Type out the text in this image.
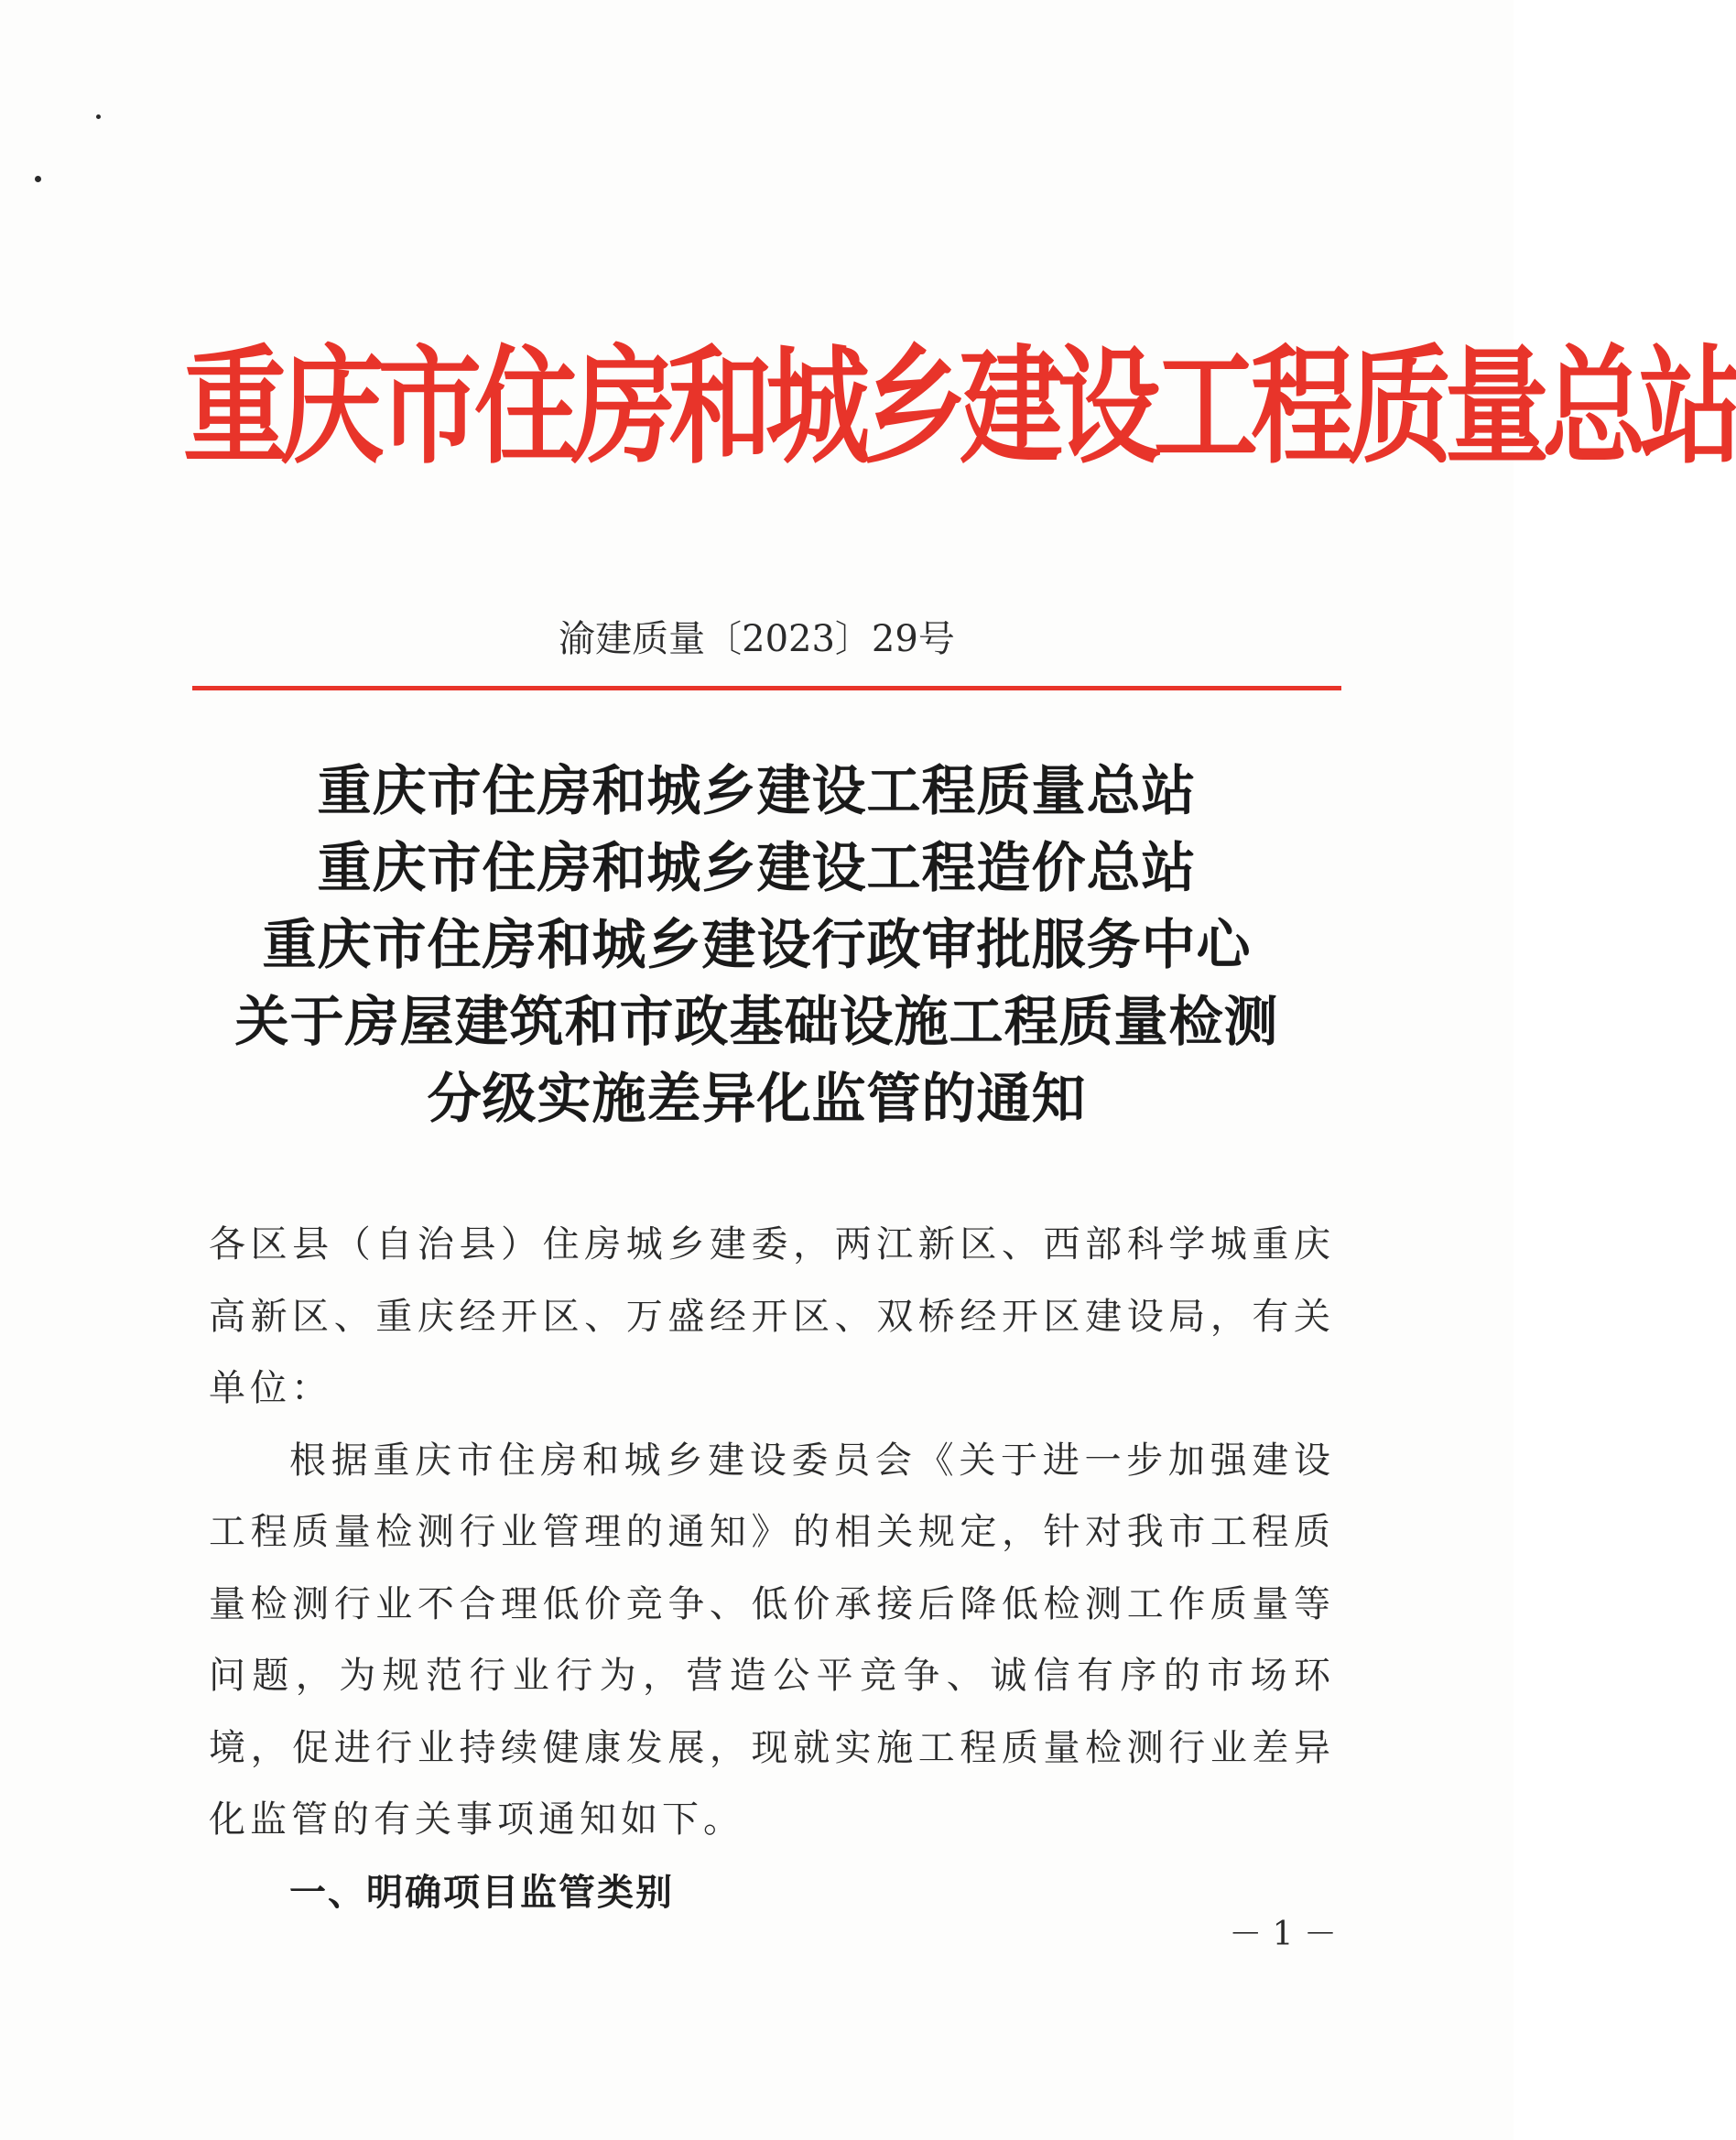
重庆市住房和城乡建设工程质量总站
渝建质量〔2023〕29号
重庆市住房和城乡建设工程质量总站
重庆市住房和城乡建设工程造价总站
重庆市住房和城乡建设行政审批服务中心
关于房屋建筑和市政基础设施工程质量检测
分级实施差异化监管的通知

各区县（自治县）住房城乡建委，两江新区、西部科学城重庆高新区、重庆经开区、万盛经开区、双桥经开区建设局，有关单位：

根据重庆市住房和城乡建设委员会《关于进一步加强建设工程质量检测行业管理的通知》的相关规定，针对我市工程质量检测行业不合理低价竞争、低价承接后降低检测工作质量等问题，为规范行业行为，营造公平竞争、诚信有序的市场环境，促进行业持续健康发展，现就实施工程质量检测行业差异化监管的有关事项通知如下。

一、明确项目监管类别

－ 1 －
